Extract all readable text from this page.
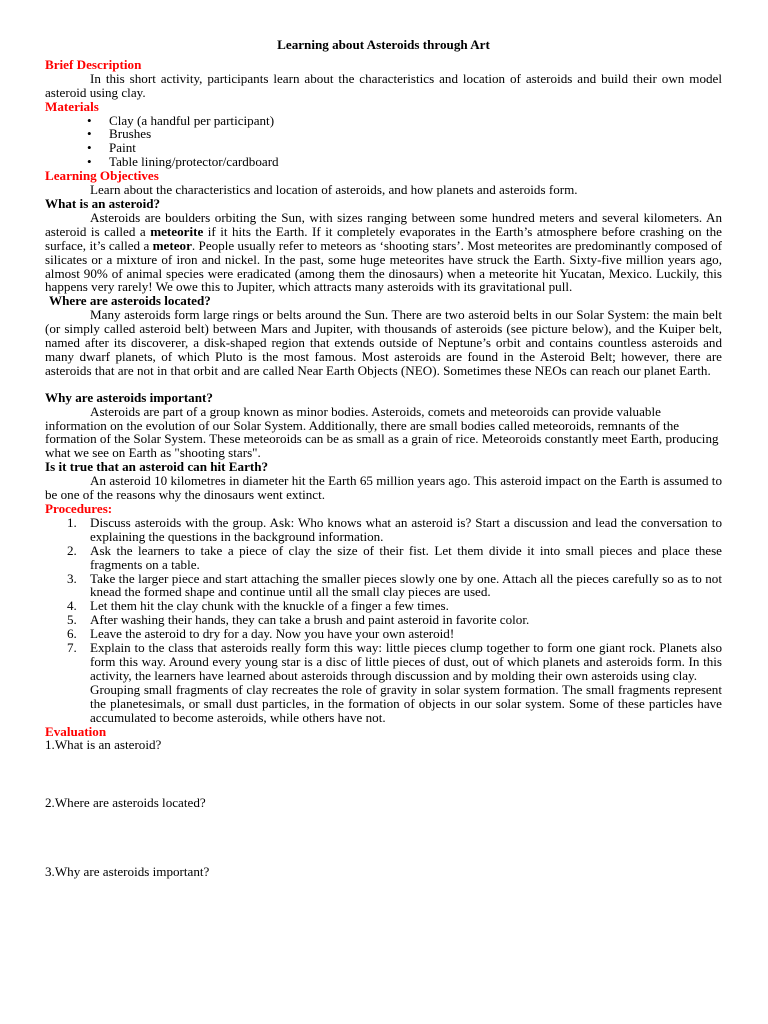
Learning about Asteroids through Art
Brief Description

In this short activity, participants learn about the characteristics and location of asteroids and build their own model asteroid using clay.

Materials
• Clay (a handful per participant)
• Brushes
• Paint
• Table lining/protector/cardboard
Learning Objectives

Learn about the characteristics and location of asteroids, and how planets and asteroids form.

What is an asteroid?

Asteroids are boulders orbiting the Sun, with sizes ranging between some hundred meters and several kilometers. An asteroid is called a meteorite if it hits the Earth. If it completely evaporates in the Earth’s atmosphere before crashing on the surface, it’s called a meteor. People usually refer to meteors as ‘shooting stars’. Most meteorites are predominantly composed of silicates or a mixture of iron and nickel. In the past, some huge meteorites have struck the Earth. Sixty-five million years ago, almost 90% of animal species were eradicated (among them the dinosaurs) when a meteorite hit Yucatan, Mexico. Luckily, this happens very rarely! We owe this to Jupiter, which attracts many asteroids with its gravitational pull.

Where are asteroids located?

Many asteroids form large rings or belts around the Sun. There are two asteroid belts in our Solar System: the main belt (or simply called asteroid belt) between Mars and Jupiter, with thousands of asteroids (see picture below), and the Kuiper belt, named after its discoverer, a disk-shaped region that extends outside of Neptune’s orbit and contains countless asteroids and many dwarf planets, of which Pluto is the most famous. Most asteroids are found in the Asteroid Belt; however, there are asteroids that are not in that orbit and are called Near Earth Objects (NEO). Sometimes these NEOs can reach our planet Earth.

Why are asteroids important?

Asteroids are part of a group known as minor bodies. Asteroids, comets and meteoroids can provide valuable information on the evolution of our Solar System. Additionally, there are small bodies called meteoroids, remnants of the formation of the Solar System. These meteoroids can be as small as a grain of rice. Meteoroids constantly meet Earth, producing what we see on Earth as "shooting stars".

Is it true that an asteroid can hit Earth?

An asteroid 10 kilometres in diameter hit the Earth 65 million years ago. This asteroid impact on the Earth is assumed to be one of the reasons why the dinosaurs went extinct.

Procedures:
1. Discuss asteroids with the group. Ask: Who knows what an asteroid is? Start a discussion and lead the conversation to explaining the questions in the background information.
2. Ask the learners to take a piece of clay the size of their fist. Let them divide it into small pieces and place these fragments on a table.
3. Take the larger piece and start attaching the smaller pieces slowly one by one. Attach all the pieces carefully so as to not knead the formed shape and continue until all the small clay pieces are used.
4. Let them hit the clay chunk with the knuckle of a finger a few times.
5. After washing their hands, they can take a brush and paint asteroid in favorite color.
6. Leave the asteroid to dry for a day. Now you have your own asteroid!
7. Explain to the class that asteroids really form this way: little pieces clump together to form one giant rock. Planets also form this way. Around every young star is a disc of little pieces of dust, out of which planets and asteroids form. In this activity, the learners have learned about asteroids through discussion and by molding their own asteroids using clay.

Grouping small fragments of clay recreates the role of gravity in solar system formation. The small fragments represent the planetesimals, or small dust particles, in the formation of objects in our solar system. Some of these particles have accumulated to become asteroids, while others have not.

Evaluation

1.What is an asteroid?

2.Where are asteroids located?

3.Why are asteroids important?
